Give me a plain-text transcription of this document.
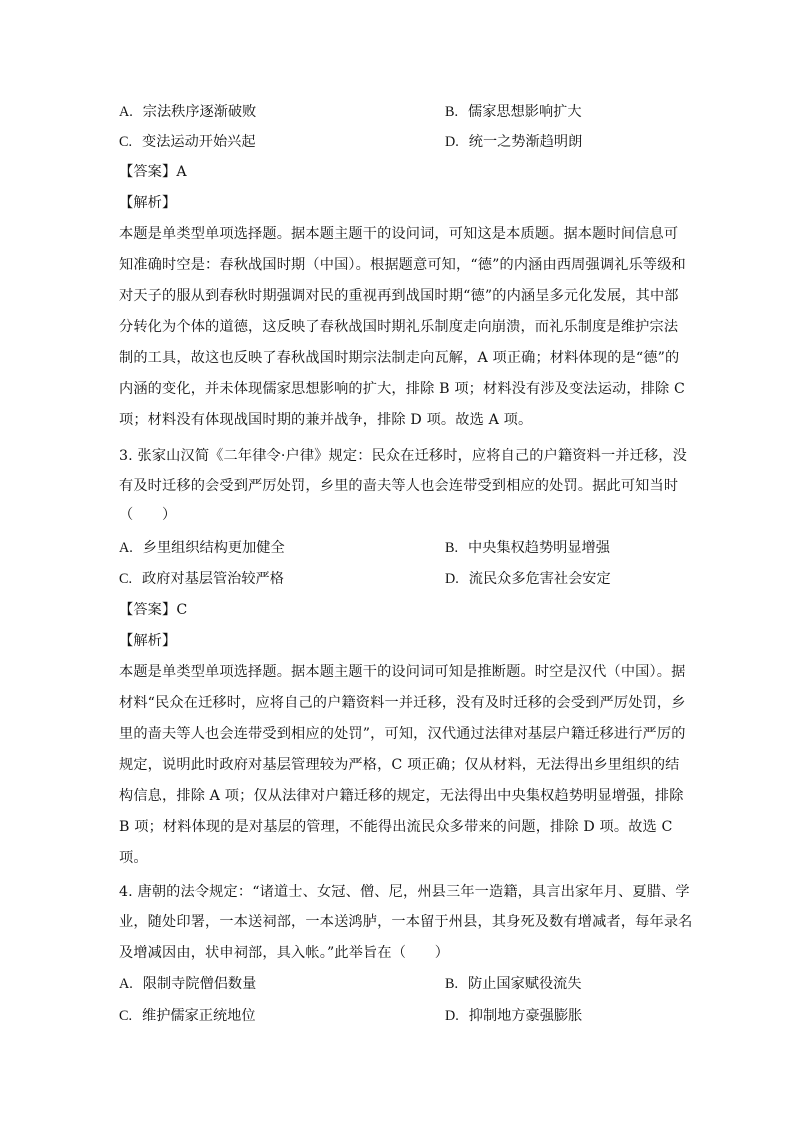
A. 宗法秩序逐渐破败	B. 儒家思想影响扩大
C. 变法运动开始兴起	D. 统一之势渐趋明朗
【答案】A
【解析】
本题是单类型单项选择题。据本题主题干的设问词，可知这是本质题。据本题时间信息可
知准确时空是：春秋战国时期（中国）。根据题意可知，“德”的内涵由西周强调礼乐等级和
对天子的服从到春秋时期强调对民的重视再到战国时期“德”的内涵呈多元化发展，其中部
分转化为个体的道德，这反映了春秋战国时期礼乐制度走向崩溃，而礼乐制度是维护宗法
制的工具，故这也反映了春秋战国时期宗法制走向瓦解，A 项正确；材料体现的是“德”的
内涵的变化，并未体现儒家思想影响的扩大，排除 B 项；材料没有涉及变法运动，排除 C
项；材料没有体现战国时期的兼并战争，排除 D 项。故选 A 项。
3. 张家山汉简《二年律令·户律》规定：民众在迁移时，应将自己的户籍资料一并迁移，没
有及时迁移的会受到严厉处罚，乡里的啬夫等人也会连带受到相应的处罚。据此可知当时
（　　）
A. 乡里组织结构更加健全	B. 中央集权趋势明显增强
C. 政府对基层管治较严格	D. 流民众多危害社会安定
【答案】C
【解析】
本题是单类型单项选择题。据本题主题干的设问词可知是推断题。时空是汉代（中国）。据
材料“民众在迁移时，应将自己的户籍资料一并迁移，没有及时迁移的会受到严厉处罚，乡
里的啬夫等人也会连带受到相应的处罚”，可知，汉代通过法律对基层户籍迁移进行严厉的
规定，说明此时政府对基层管理较为严格，C 项正确；仅从材料，无法得出乡里组织的结
构信息，排除 A 项；仅从法律对户籍迁移的规定，无法得出中央集权趋势明显增强，排除
B 项；材料体现的是对基层的管理，不能得出流民众多带来的问题，排除 D 项。故选 C
项。
4. 唐朝的法令规定：“诸道士、女冠、僧、尼，州县三年一造籍，具言出家年月、夏腊、学
业，随处印署，一本送祠部，一本送鸿胪，一本留于州县，其身死及数有增减者，每年录名
及增减因由，状申祠部，具入帐。”此举旨在（　　）
A. 限制寺院僧侣数量	B. 防止国家赋役流失
C. 维护儒家正统地位	D. 抑制地方豪强膨胀
